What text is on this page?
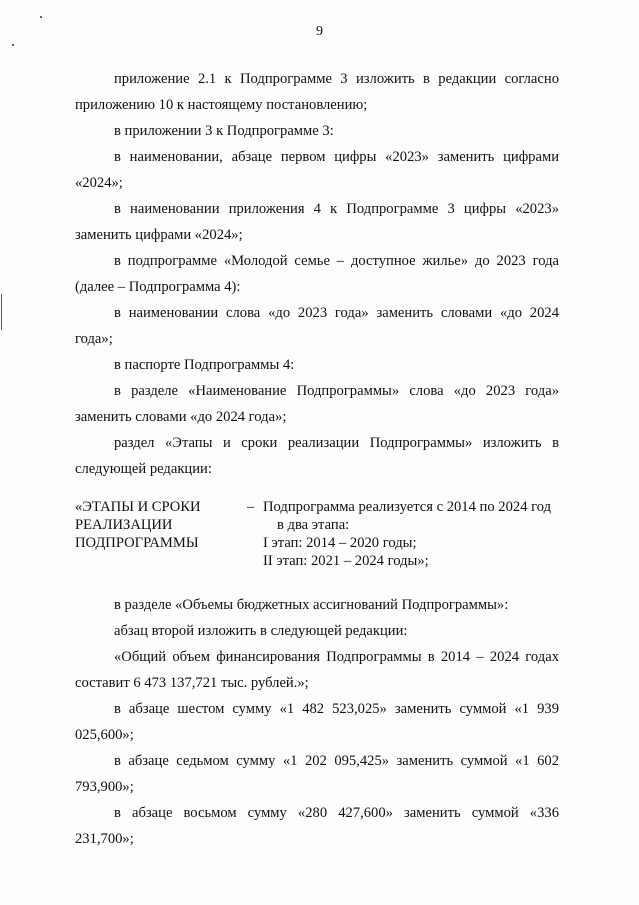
9

приложение 2.1 к Подпрограмме 3 изложить в редакции согласно приложению 10 к настоящему постановлению;

в приложении 3 к Подпрограмме 3:

в наименовании, абзаце первом цифры «2023» заменить цифрами «2024»;

в наименовании приложения 4 к Подпрограмме 3 цифры «2023» заменить цифрами «2024»;

в подпрограмме «Молодой семье – доступное жилье» до 2023 года (далее – Подпрограмма 4):

в наименовании слова «до 2023 года» заменить словами «до 2024 года»;

в паспорте Подпрограммы 4:

в разделе «Наименование Подпрограммы» слова «до 2023 года» заменить словами «до 2024 года»;

раздел «Этапы и сроки реализации Подпрограммы» изложить в следующей редакции:

«ЭТАПЫ И СРОКИ
РЕАЛИЗАЦИИ
ПОДПРОГРАММЫ
– Подпрограмма реализуется с 2014 по 2024 год
в два этапа:
I этап: 2014 – 2020 годы;
II этап: 2021 – 2024 годы»;

в разделе «Объемы бюджетных ассигнований Подпрограммы»:

абзац второй изложить в следующей редакции:

«Общий объем финансирования Подпрограммы в 2014 – 2024 годах составит 6 473 137,721 тыс. рублей.»;

в абзаце шестом сумму «1 482 523,025» заменить суммой «1 939 025,600»;

в абзаце седьмом сумму «1 202 095,425» заменить суммой «1 602 793,900»;

в абзаце восьмом сумму «280 427,600» заменить суммой «336 231,700»;
